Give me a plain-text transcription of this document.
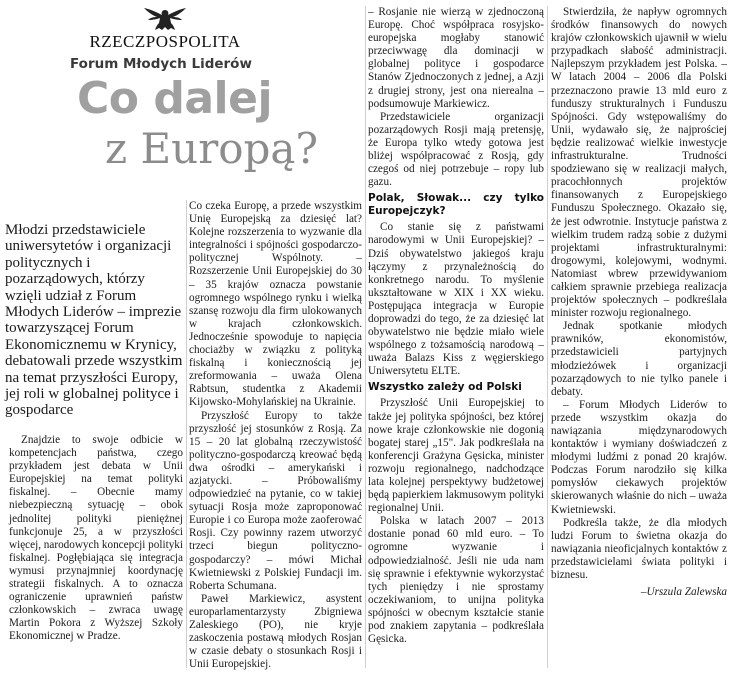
RZECZPOSPOLITA
Forum Młodych Liderów
Co dalej
z Europą?
Młodzi przedstawiciele uniwersytetów i organizacji politycznych i pozarządowych, którzy wzięli udział z Forum Młodych Liderów – imprezie towarzyszącej Forum Ekonomicznemu w Krynicy, debatowali przede wszystkim na temat przyszłości Europy, jej roli w globalnej polityce i gospodarce

Znajdzie to swoje odbicie w kompetencjach państwa, czego przykładem jest debata w Unii Europejskiej na temat polityki fiskalnej. – Obecnie mamy niebezpieczną sytuację – obok jednolitej polityki pieniężnej funkcjonuje 25, a w przyszłości więcej, narodowych koncepcji polityki fiskalnej. Pogłębiająca się integracja wymusi przynajmniej koordynację strategii fiskalnych. A to oznacza ograniczenie uprawnień państw członkowskich – zwraca uwagę Martin Pokora z Wyższej Szkoły Ekonomicznej w Pradze.

Co czeka Europę, a przede wszystkim Unię Europejską za dziesięć lat? Kolejne rozszerzenia to wyzwanie dla integralności i spójności gospodarczo-politycznej Wspólnoty. – Rozszerzenie Unii Europejskiej do 30 – 35 krajów oznacza powstanie ogromnego wspólnego rynku i wielką szansę rozwoju dla firm ulokowanych w krajach członkowskich. Jednocześnie spowoduje to napięcia chociażby w związku z polityką fiskalną i koniecznością jej zreformowania – uważa Olena Rabtsun, studentka z Akademii Kijowsko-Mohylańskiej na Ukrainie.

Przyszłość Europy to także przyszłość jej stosunków z Rosją. Za 15 – 20 lat globalną rzeczywistość polityczno-gospodarczą kreować będą dwa ośrodki – amerykański i azjatycki. – Próbowaliśmy odpowiedzieć na pytanie, co w takiej sytuacji Rosja może zaproponować Europie i co Europa może zaoferować Rosji. Czy powinny razem utworzyć trzeci biegun polityczno-gospodarczy? – mówi Michał Kwietniewski z Polskiej Fundacji im. Roberta Schumana.

Paweł Markiewicz, asystent europarlamentarzysty Zbigniewa Zaleskiego (PO), nie kryje zaskoczenia postawą młodych Rosjan w czasie debaty o stosunkach Rosji i Unii Europejskiej.

– Rosjanie nie wierzą w zjednoczoną Europę. Choć współpraca rosyjsko-europejska mogłaby stanowić przeciwwagę dla dominacji w globalnej polityce i gospodarce Stanów Zjednoczonych z jednej, a Azji z drugiej strony, jest ona nierealna – podsumowuje Markiewicz.

Przedstawiciele organizacji pozarządowych Rosji mają pretensję, że Europa tylko wtedy gotowa jest bliżej współpracować z Rosją, gdy czegoś od niej potrzebuje – ropy lub gazu.

Polak, Słowak... czy tylko Europejczyk?

Co stanie się z państwami narodowymi w Unii Europejskiej? – Dziś obywatelstwo jakiegoś kraju łączymy z przynależnością do konkretnego narodu. To myślenie ukształtowane w XIX i XX wieku. Postępująca integracja w Europie doprowadzi do tego, że za dziesięć lat obywatelstwo nie będzie miało wiele wspólnego z tożsamością narodową – uważa Balazs Kiss z węgierskiego Uniwersytetu ELTE.

Wszystko zależy od Polski

Przyszłość Unii Europejskiej to także jej polityka spójności, bez której nowe kraje członkowskie nie dogonią bogatej starej „15". Jak podkreślała na konferencji Grażyna Gęsicka, minister rozwoju regionalnego, nadchodzące lata kolejnej perspektywy budżetowej będą papierkiem lakmusowym polityki regionalnej Unii.

Polska w latach 2007 – 2013 dostanie ponad 60 mld euro. – To ogromne wyzwanie i odpowiedzialność. Jeśli nie uda nam się sprawnie i efektywnie wykorzystać tych pieniędzy i nie sprostamy oczekiwaniom, to unijna polityka spójności w obecnym kształcie stanie pod znakiem zapytania – podkreślała Gęsicka.

Stwierdziła, że napływ ogromnych środków finansowych do nowych krajów członkowskich ujawnił w wielu przypadkach słabość administracji. Najlepszym przykładem jest Polska. – W latach 2004 – 2006 dla Polski przeznaczono prawie 13 mld euro z funduszy strukturalnych i Funduszu Spójności. Gdy wstępowaliśmy do Unii, wydawało się, że najprościej będzie realizować wielkie inwestycje infrastrukturalne. Trudności spodziewano się w realizacji małych, pracochłonnych projektów finansowanych z Europejskiego Funduszu Społecznego. Okazało się, że jest odwrotnie. Instytucje państwa z wielkim trudem radzą sobie z dużymi projektami infrastrukturalnymi: drogowymi, kolejowymi, wodnymi. Natomiast wbrew przewidywaniom całkiem sprawnie przebiega realizacja projektów społecznych – podkreślała minister rozwoju regionalnego.

Jednak spotkanie młodych prawników, ekonomistów, przedstawicieli partyjnych młodzieżówek i organizacji pozarządowych to nie tylko panele i debaty.

– Forum Młodych Liderów to przede wszystkim okazja do nawiązania międzynarodowych kontaktów i wymiany doświadczeń z młodymi ludźmi z ponad 20 krajów. Podczas Forum narodziło się kilka pomysłów ciekawych projektów skierowanych właśnie do nich – uważa Kwietniewski.

Podkreśla także, że dla młodych ludzi Forum to świetna okazja do nawiązania nieoficjalnych kontaktów z przedstawicielami świata polityki i biznesu.

–Urszula Zalewska
